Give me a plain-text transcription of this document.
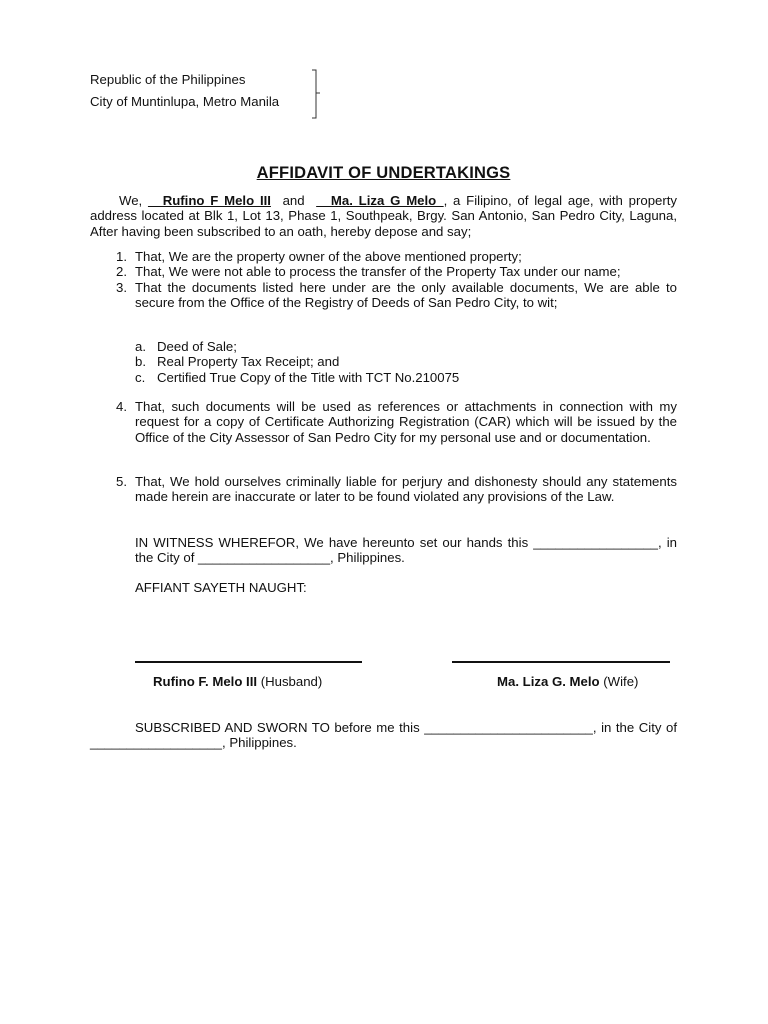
Republic of the Philippines
City of Muntinlupa, Metro Manila
AFFIDAVIT OF UNDERTAKINGS
We, __Rufino F Melo III and __Ma. Liza G Melo_, a Filipino, of legal age, with property address located at Blk 1, Lot 13, Phase 1, Southpeak, Brgy. San Antonio, San Pedro City, Laguna, After having been subscribed to an oath, hereby depose and say;
1. That, We are the property owner of the above mentioned property;
2. That, We were not able to process the transfer of the Property Tax under our name;
3. That the documents listed here under are the only available documents, We are able to secure from the Office of the Registry of Deeds of San Pedro City, to wit;
a. Deed of Sale;
b. Real Property Tax Receipt; and
c. Certified True Copy of the Title with TCT No.210075
4. That, such documents will be used as references or attachments in connection with my request for a copy of Certificate Authorizing Registration (CAR) which will be issued by the Office of the City Assessor of San Pedro City for my personal use and or documentation.
5. That, We hold ourselves criminally liable for perjury and dishonesty should any statements made herein are inaccurate or later to be found violated any provisions of the Law.
IN WITNESS WHEREFOR, We have hereunto set our hands this _________________, in the City of __________________, Philippines.
AFFIANT SAYETH NAUGHT:
Rufino F. Melo III (Husband)	Ma. Liza G. Melo (Wife)
SUBSCRIBED AND SWORN TO before me this _______________________, in the City of __________________, Philippines.
